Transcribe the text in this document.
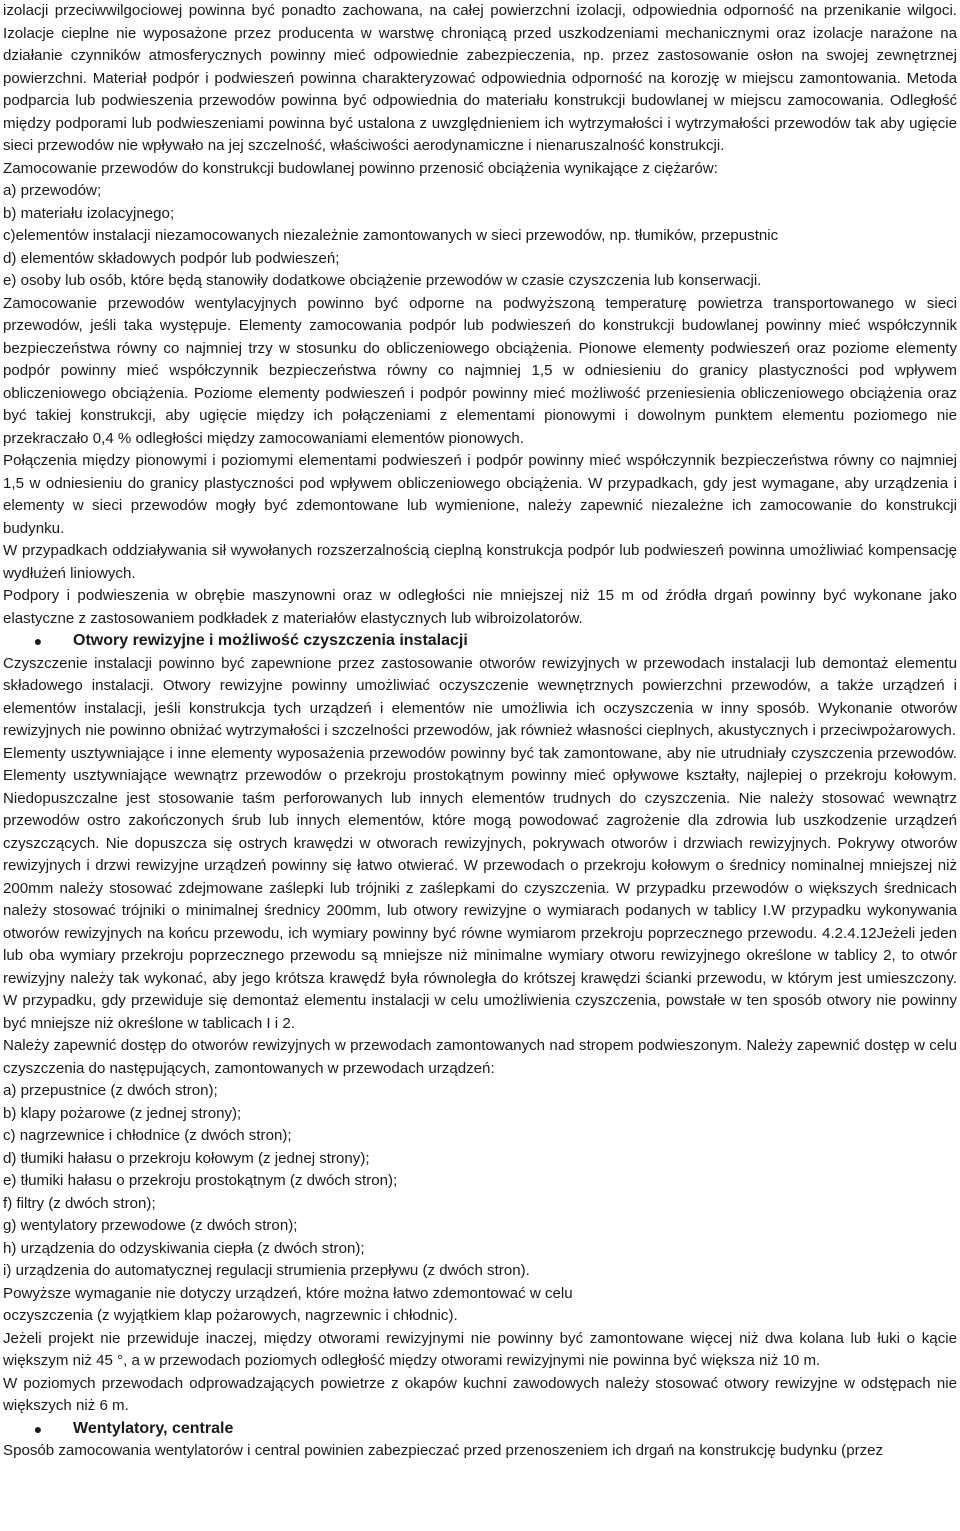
izolacji przeciwwilgociowej powinna być ponadto zachowana, na całej powierzchni izolacji, odpowiednia odporność na przenikanie wilgoci. Izolacje cieplne nie wyposażone przez producenta w warstwę chroniącą przed uszkodzeniami mechanicznymi oraz izolacje narażone na działanie czynników atmosferycznych powinny mieć odpowiednie zabezpieczenia, np. przez zastosowanie osłon na swojej zewnętrznej powierzchni. Materiał podpór i podwieszeń powinna charakteryzować odpowiednia odporność na korozję w miejscu zamontowania. Metoda podparcia lub podwieszenia przewodów powinna być odpowiednia do materiału konstrukcji budowlanej w miejscu zamocowania. Odległość między podporami lub podwieszeniami powinna być ustalona z uwzględnieniem ich wytrzymałości i wytrzymałości przewodów tak aby ugięcie sieci przewodów nie wpływało na jej szczelność, właściwości aerodynamiczne i nienaruszalność konstrukcji.

Zamocowanie przewodów do konstrukcji budowlanej powinno przenosić obciążenia wynikające z ciężarów:

a) przewodów;

b) materiału izolacyjnego;

c)elementów instalacji niezamocowanych niezależnie zamontowanych w sieci przewodów, np. tłumików, przepustnic

d) elementów składowych podpór lub podwieszeń;

e) osoby lub osób, które będą stanowiły dodatkowe obciążenie przewodów w czasie czyszczenia lub konserwacji.

Zamocowanie przewodów wentylacyjnych powinno być odporne na podwyższoną temperaturę powietrza transportowanego w sieci przewodów, jeśli taka występuje. Elementy zamocowania podpór lub podwieszeń do konstrukcji budowlanej powinny mieć współczynnik bezpieczeństwa równy co najmniej trzy w stosunku do obliczeniowego obciążenia. Pionowe elementy podwieszeń oraz poziome elementy podpór powinny mieć współczynnik bezpieczeństwa równy co najmniej 1,5 w odniesieniu do granicy plastyczności pod wpływem obliczeniowego obciążenia. Poziome elementy podwieszeń i podpór powinny mieć możliwość przeniesienia obliczeniowego obciążenia oraz być takiej konstrukcji, aby ugięcie między ich połączeniami z elementami pionowymi i dowolnym punktem elementu poziomego nie przekraczało 0,4 % odległości między zamocowaniami elementów pionowych.

Połączenia między pionowymi i poziomymi elementami podwieszeń i podpór powinny mieć współczynnik bezpieczeństwa równy co najmniej 1,5 w odniesieniu do granicy plastyczności pod wpływem obliczeniowego obciążenia. W przypadkach, gdy jest wymagane, aby urządzenia i elementy w sieci przewodów mogły być zdemontowane lub wymienione, należy zapewnić niezależne ich zamocowanie do konstrukcji budynku.

W przypadkach oddziaływania sił wywołanych rozszerzalnością cieplną konstrukcja podpór lub podwieszeń powinna umożliwiać kompensację wydłużeń liniowych.

Podpory i podwieszenia w obrębie maszynowni oraz w odległości nie mniejszej niż 15 m od źródła drgań powinny być wykonane jako elastyczne z zastosowaniem podkładek z materiałów elastycznych lub wibroizolatorów.

●	Otwory rewizyjne i możliwość czyszczenia instalacji

Czyszczenie instalacji powinno być zapewnione przez zastosowanie otworów rewizyjnych w przewodach instalacji lub demontaż elementu składowego instalacji. Otwory rewizyjne powinny umożliwiać oczyszczenie wewnętrznych powierzchni przewodów, a także urządzeń i elementów instalacji, jeśli konstrukcja tych urządzeń i elementów nie umożliwia ich oczyszczenia w inny sposób. Wykonanie otworów rewizyjnych nie powinno obniżać wytrzymałości i szczelności przewodów, jak również własności cieplnych, akustycznych i przeciwpożarowych.

Elementy usztywniające i inne elementy wyposażenia przewodów powinny być tak zamontowane, aby nie utrudniały czyszczenia przewodów. Elementy usztywniające wewnątrz przewodów o przekroju prostokątnym powinny mieć opływowe kształty, najlepiej o przekroju kołowym. Niedopuszczalne jest stosowanie taśm perforowanych lub innych elementów trudnych do czyszczenia. Nie należy stosować wewnątrz przewodów ostro zakończonych śrub lub innych elementów, które mogą powodować zagrożenie dla zdrowia lub uszkodzenie urządzeń czyszczących. Nie dopuszcza się ostrych krawędzi w otworach rewizyjnych, pokrywach otworów i drzwiach rewizyjnych. Pokrywy otworów rewizyjnych i drzwi rewizyjne urządzeń powinny się łatwo otwierać. W przewodach o przekroju kołowym o średnicy nominalnej mniejszej niż 200mm należy stosować zdejmowane zaślepki lub trójniki z zaślepkami do czyszczenia. W przypadku przewodów o większych średnicach należy stosować trójniki o minimalnej średnicy 200mm, lub otwory rewizyjne o wymiarach podanych w tablicy I.W przypadku wykonywania otworów rewizyjnych na końcu przewodu, ich wymiary powinny być równe wymiarom przekroju poprzecznego przewodu. 4.2.4.12Jeżeli jeden lub oba wymiary przekroju poprzecznego przewodu są mniejsze niż minimalne wymiary otworu rewizyjnego określone w tablicy 2, to otwór rewizyjny należy tak wykonać, aby jego krótsza krawędź była równoległa do krótszej krawędzi ścianki przewodu, w którym jest umieszczony. W przypadku, gdy przewiduje się demontaż elementu instalacji w celu umożliwienia czyszczenia, powstałe w ten sposób otwory nie powinny być mniejsze niż określone w tablicach I i 2.

Należy zapewnić dostęp do otworów rewizyjnych w przewodach zamontowanych nad stropem podwieszonym. Należy zapewnić dostęp w celu czyszczenia do następujących, zamontowanych w przewodach urządzeń:

a) przepustnice (z dwóch stron);

b) klapy pożarowe (z jednej strony);

c) nagrzewnice i chłodnice (z dwóch stron);

d) tłumiki hałasu o przekroju kołowym (z jednej strony);

e) tłumiki hałasu o przekroju prostokątnym (z dwóch stron);

f) filtry (z dwóch stron);

g) wentylatory przewodowe (z dwóch stron);

h) urządzenia do odzyskiwania ciepła (z dwóch stron);

i) urządzenia do automatycznej regulacji strumienia przepływu (z dwóch stron).

Powyższe wymaganie nie dotyczy urządzeń, które można łatwo zdemontować w celu

oczyszczenia (z wyjątkiem klap pożarowych, nagrzewnic i chłodnic).

Jeżeli projekt nie przewiduje inaczej, między otworami rewizyjnymi nie powinny być zamontowane więcej niż dwa kolana lub łuki o kącie większym niż 45 °, a w przewodach poziomych odległość między otworami rewizyjnymi nie powinna być większa niż 10 m.

W poziomych przewodach odprowadzających powietrze z okapów kuchni zawodowych należy stosować otwory rewizyjne w odstępach nie większych niż 6 m.

●	Wentylatory, centrale

Sposób zamocowania wentylatorów i central powinien zabezpieczać przed przenoszeniem ich drgań na konstrukcję budynku (przez
